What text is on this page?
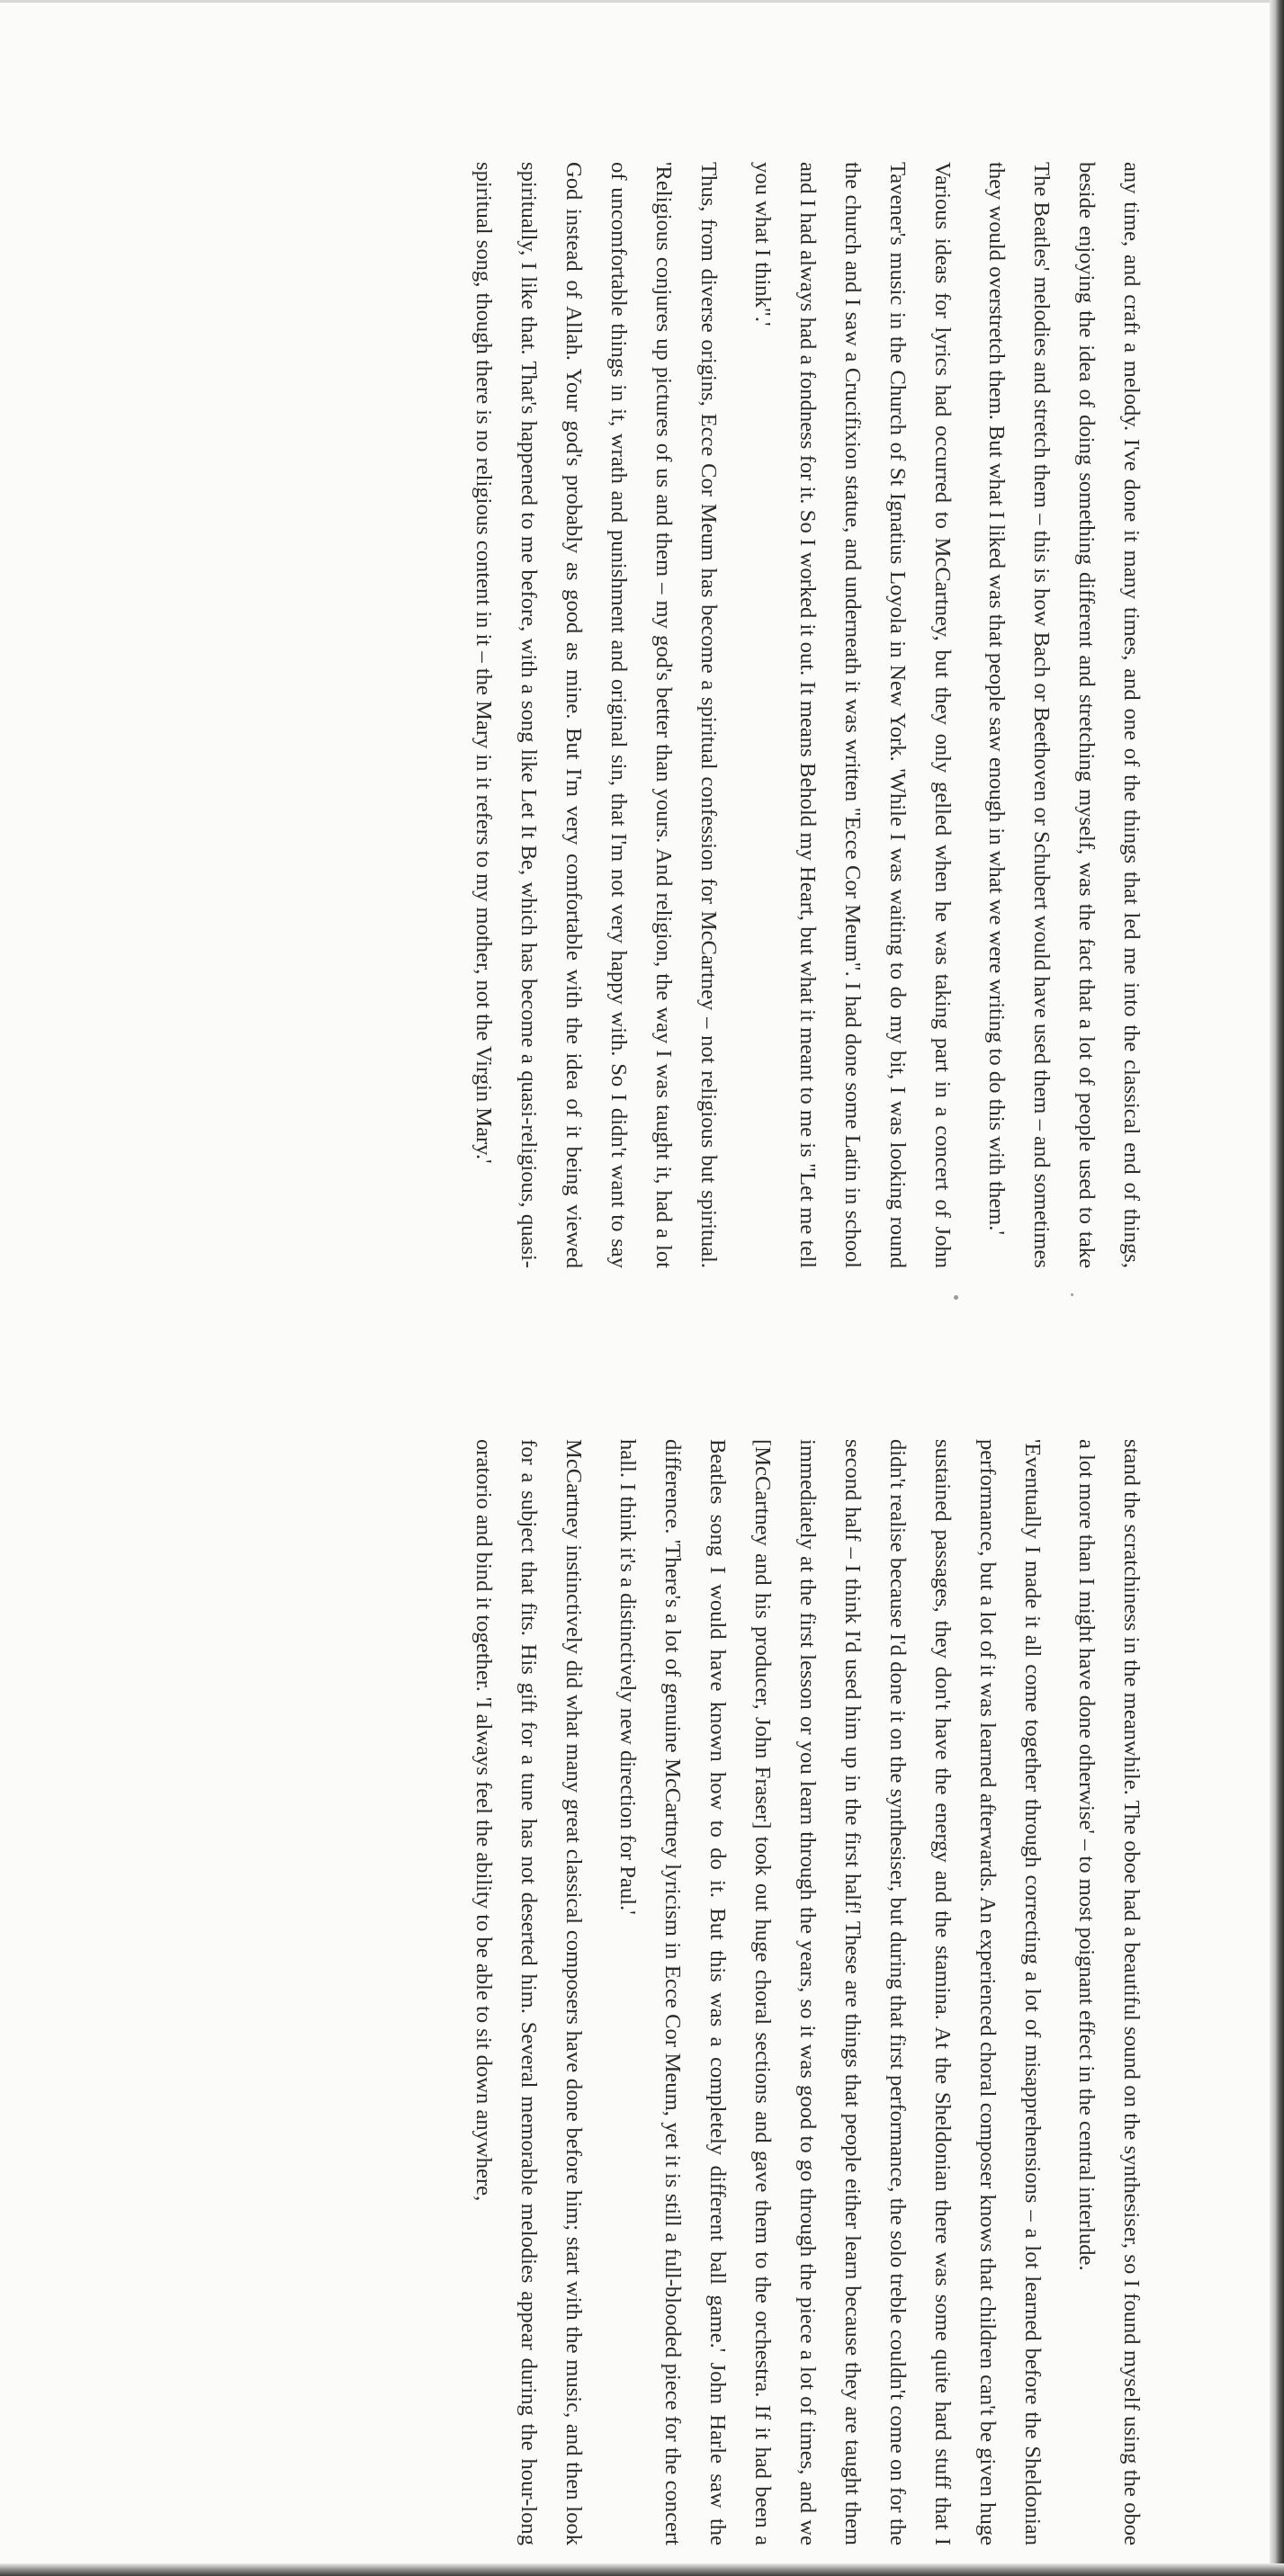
any time, and craft a melody. I've done it many times, and one of the things that led me into the classical end of things, beside enjoying the idea of doing something different and stretching myself, was the fact that a lot of people used to take The Beatles' melodies and stretch them – this is how Bach or Beethoven or Schubert would have used them – and sometimes they would overstretch them. But what I liked was that people saw enough in what we were writing to do this with them.'

Various ideas for lyrics had occurred to McCartney, but they only gelled when he was taking part in a concert of John Tavener's music in the Church of St Ignatius Loyola in New York. 'While I was waiting to do my bit, I was looking round the church and I saw a Crucifixion statue, and underneath it was written "Ecce Cor Meum". I had done some Latin in school and I had always had a fondness for it. So I worked it out. It means Behold my Heart, but what it meant to me is "Let me tell you what I think".'

Thus, from diverse origins, Ecce Cor Meum has become a spiritual confession for McCartney – not religious but spiritual. 'Religious conjures up pictures of us and them – my god's better than yours. And religion, the way I was taught it, had a lot of uncomfortable things in it, wrath and punishment and original sin, that I'm not very happy with. So I didn't want to say God instead of Allah. Your god's probably as good as mine. But I'm very comfortable with the idea of it being viewed spiritually, I like that. That's happened to me before, with a song like Let It Be, which has become a quasi-religious, quasi-spiritual song, though there is no religious content in it – the Mary in it refers to my mother, not the Virgin Mary.'

stand the scratchiness in the meanwhile. The oboe had a beautiful sound on the synthesiser, so I found myself using the oboe a lot more than I might have done otherwise' – to most poignant effect in the central interlude.

'Eventually I made it all come together through correcting a lot of misapprehensions – a lot learned before the Sheldonian performance, but a lot of it was learned afterwards. An experienced choral composer knows that children can't be given huge sustained passages, they don't have the energy and the stamina. At the Sheldonian there was some quite hard stuff that I didn't realise because I'd done it on the synthesiser, but during that first performance, the solo treble couldn't come on for the second half – I think I'd used him up in the first half! These are things that people either learn because they are taught them immediately at the first lesson or you learn through the years, so it was good to go through the piece a lot of times, and we [McCartney and his producer, John Fraser] took out huge choral sections and gave them to the orchestra. If it had been a Beatles song I would have known how to do it. But this was a completely different ball game.' John Harle saw the difference. 'There's a lot of genuine McCartney lyricism in Ecce Cor Meum, yet it is still a full-blooded piece for the concert hall. I think it's a distinctively new direction for Paul.'

McCartney instinctively did what many great classical composers have done before him; start with the music, and then look for a subject that fits. His gift for a tune has not deserted him. Several memorable melodies appear during the hour-long oratorio and bind it together. 'I always feel the ability to be able to sit down anywhere,
